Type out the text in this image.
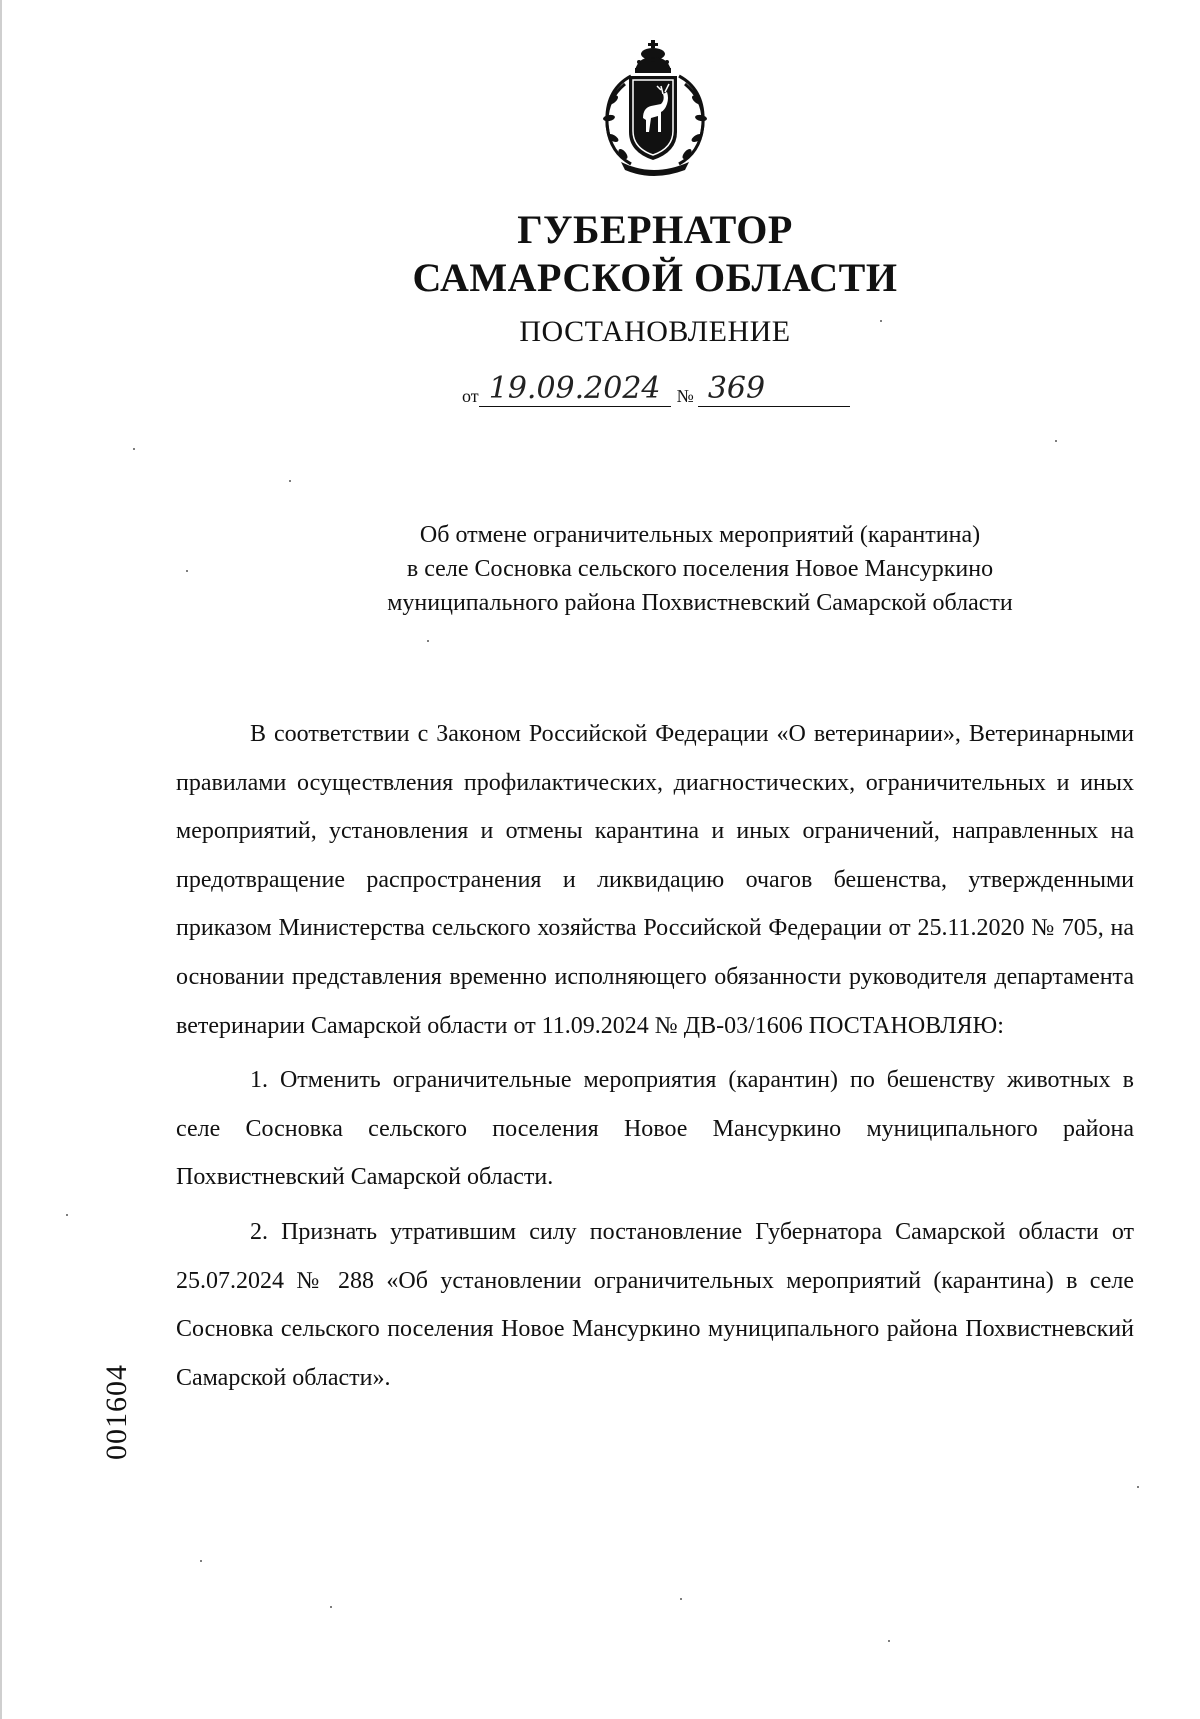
ГУБЕРНАТОР
САМАРСКОЙ ОБЛАСТИ
ПОСТАНОВЛЕНИЕ
от 19.09.2024 № 369
Об отмене ограничительных мероприятий (карантина)
в селе Сосновка сельского поселения Новое Мансуркино
муниципального района Похвистневский Самарской области

В соответствии с Законом Российской Федерации «О ветеринарии», Ветеринарными правилами осуществления профилактических, диагностических, ограничительных и иных мероприятий, установления и отмены карантина и иных ограничений, направленных на предотвращение распространения и ликвидацию очагов бешенства, утвержденными приказом Министерства сельского хозяйства Российской Федерации от 25.11.2020 № 705, на основании представления временно исполняющего обязанности руководителя департамента ветеринарии Самарской области от 11.09.2024 № ДВ-03/1606 ПОСТАНОВЛЯЮ:

1. Отменить ограничительные мероприятия (карантин) по бешенству животных в селе Сосновка сельского поселения Новое Мансуркино муниципального района Похвистневский Самарской области.

2. Признать утратившим силу постановление Губернатора Самарской области от 25.07.2024 № 288 «Об установлении ограничительных мероприятий (карантина) в селе Сосновка сельского поселения Новое Мансуркино муниципального района Похвистневский Самарской области».

001604
